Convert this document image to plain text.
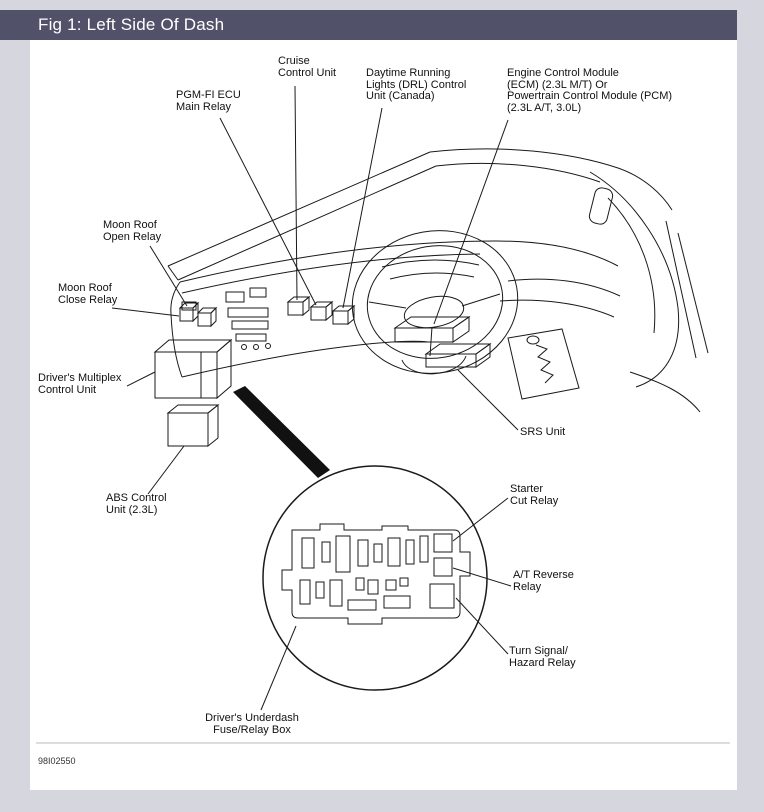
Fig 1: Left Side Of Dash
Cruise
Control Unit
PGM-FI ECU
Main Relay
Daytime Running
Lights (DRL) Control
Unit (Canada)
Engine Control Module
(ECM) (2.3L M/T) Or
Powertrain Control Module (PCM)
(2.3L A/T, 3.0L)
Moon Roof
Open Relay
Moon Roof
Close Relay
Driver's Multiplex
Control Unit
ABS Control
Unit (2.3L)
SRS Unit
Starter
Cut Relay
A/T Reverse
Relay
Turn Signal/
Hazard Relay
Driver's Underdash
Fuse/Relay Box
98I02550
